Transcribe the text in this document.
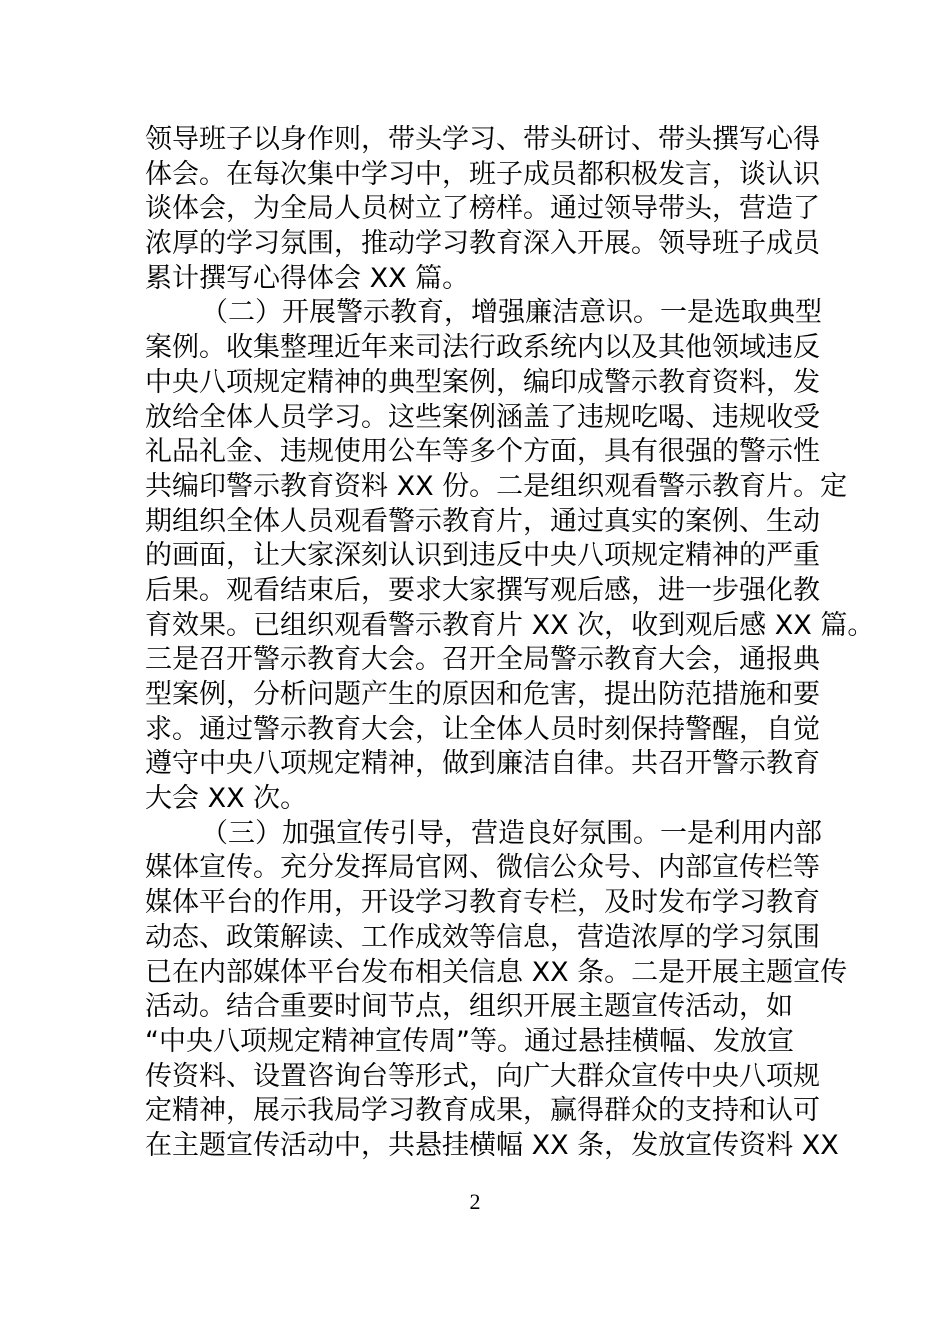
领导班子以身作则，带头学习、带头研讨、带头撰写心得
体会。在每次集中学习中，班子成员都积极发言，谈认识
谈体会，为全局人员树立了榜样。通过领导带头，营造了
浓厚的学习氛围，推动学习教育深入开展。领导班子成员
累计撰写心得体会 XX 篇。
（二）开展警示教育，增强廉洁意识。一是选取典型
案例。收集整理近年来司法行政系统内以及其他领域违反
中央八项规定精神的典型案例，编印成警示教育资料，发
放给全体人员学习。这些案例涵盖了违规吃喝、违规收受
礼品礼金、违规使用公车等多个方面，具有很强的警示性
共编印警示教育资料 XX 份。二是组织观看警示教育片。定
期组织全体人员观看警示教育片，通过真实的案例、生动
的画面，让大家深刻认识到违反中央八项规定精神的严重
后果。观看结束后，要求大家撰写观后感，进一步强化教
育效果。已组织观看警示教育片 XX 次，收到观后感 XX 篇。
三是召开警示教育大会。召开全局警示教育大会，通报典
型案例，分析问题产生的原因和危害，提出防范措施和要
求。通过警示教育大会，让全体人员时刻保持警醒，自觉
遵守中央八项规定精神，做到廉洁自律。共召开警示教育
大会 XX 次。
（三）加强宣传引导，营造良好氛围。一是利用内部
媒体宣传。充分发挥局官网、微信公众号、内部宣传栏等
媒体平台的作用，开设学习教育专栏，及时发布学习教育
动态、政策解读、工作成效等信息，营造浓厚的学习氛围
已在内部媒体平台发布相关信息 XX 条。二是开展主题宣传
活动。结合重要时间节点，组织开展主题宣传活动，如
“中央八项规定精神宣传周”等。通过悬挂横幅、发放宣
传资料、设置咨询台等形式，向广大群众宣传中央八项规
定精神，展示我局学习教育成果，赢得群众的支持和认可
在主题宣传活动中，共悬挂横幅 XX 条，发放宣传资料 XX
2
